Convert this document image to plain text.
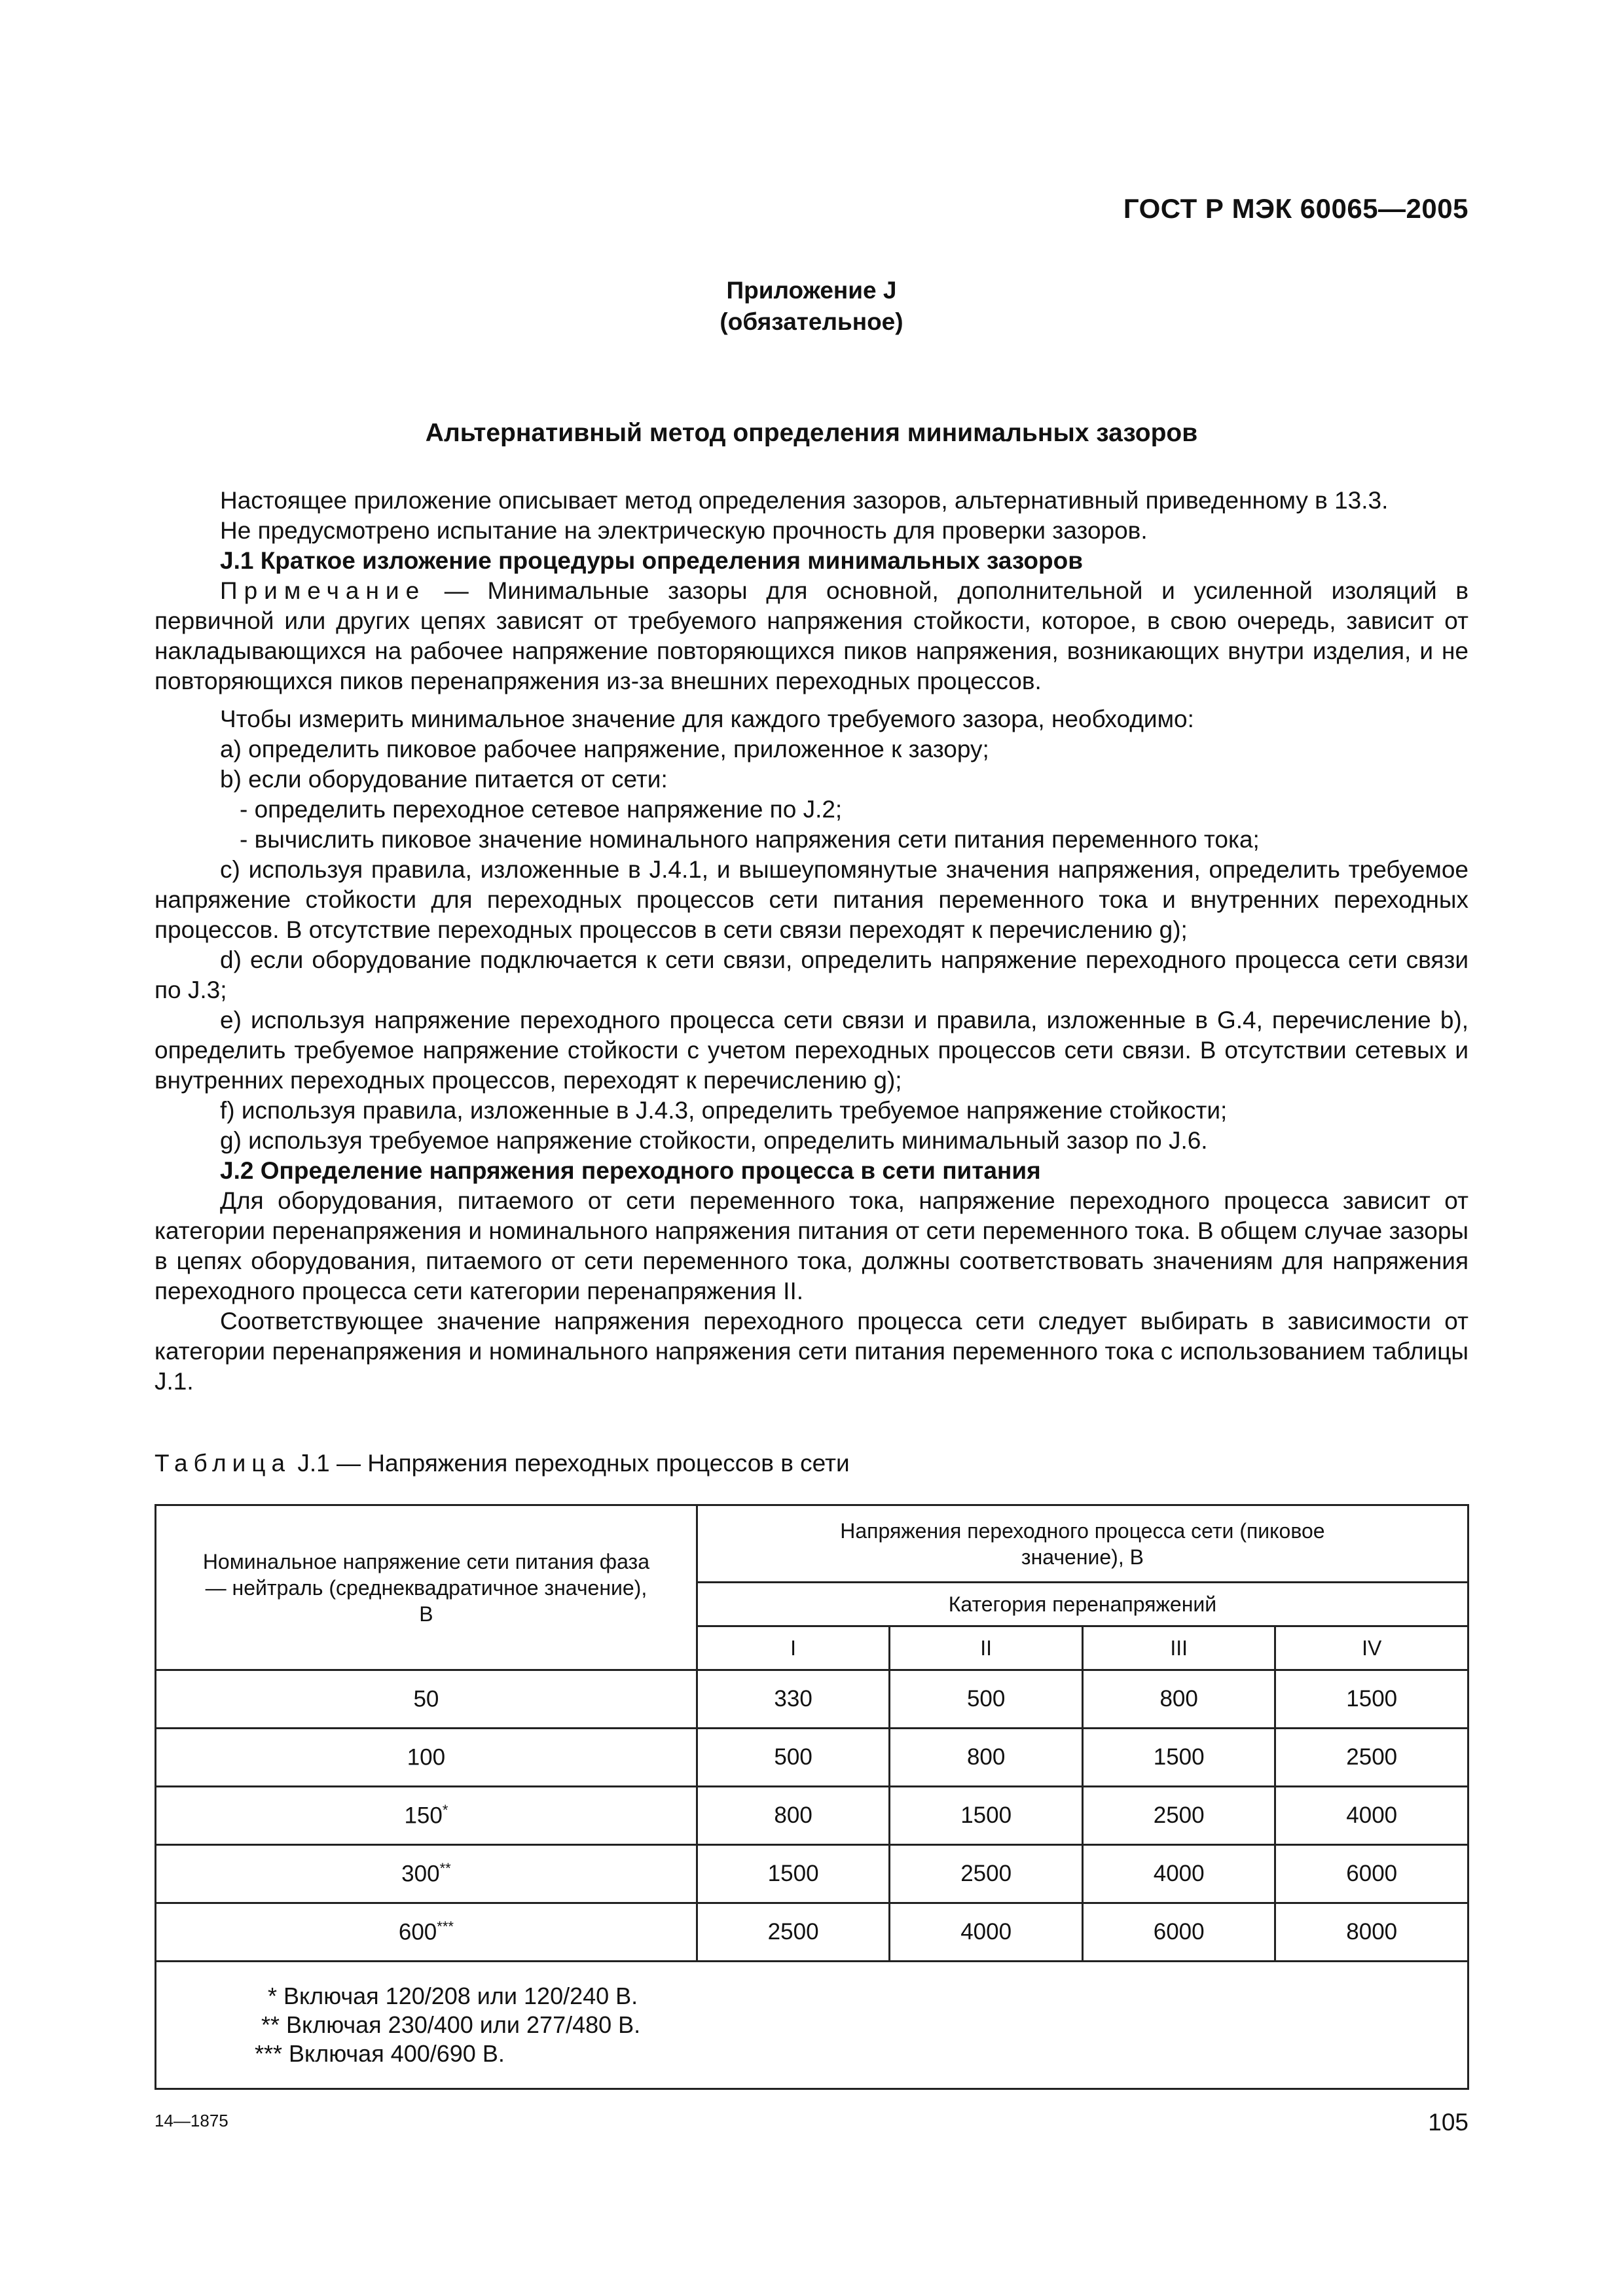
ГОСТ Р МЭК 60065—2005
Приложение J
(обязательное)
Альтернативный метод определения минимальных зазоров

Настоящее приложение описывает метод определения зазоров, альтернативный приведенному в 13.3.

Не предусмотрено испытание на электрическую прочность для проверки зазоров.

J.1 Краткое изложение процедуры определения минимальных зазоров

Примечание — Минимальные зазоры для основной, дополнительной и усиленной изоляций в первичной или других цепях зависят от требуемого напряжения стойкости, которое, в свою очередь, зависит от накладывающихся на рабочее напряжение повторяющихся пиков напряжения, возникающих внутри изделия, и не повторяющихся пиков перенапряжения из-за внешних переходных процессов.

Чтобы измерить минимальное значение для каждого требуемого зазора, необходимо:

a) определить пиковое рабочее напряжение, приложенное к зазору;

b) если оборудование питается от сети:

- определить переходное сетевое напряжение по J.2;

- вычислить пиковое значение номинального напряжения сети питания переменного тока;

c) используя правила, изложенные в J.4.1, и вышеупомянутые значения напряжения, определить требуемое напряжение стойкости для переходных процессов сети питания переменного тока и внутренних переходных процессов. В отсутствие переходных процессов в сети связи переходят к перечислению g);

d) если оборудование подключается к сети связи, определить напряжение переходного процесса сети связи по J.3;

e) используя напряжение переходного процесса сети связи и правила, изложенные в G.4, перечисление b), определить требуемое напряжение стойкости с учетом переходных процессов сети связи. В отсутствии сетевых и внутренних переходных процессов, переходят к перечислению g);

f) используя правила, изложенные в J.4.3, определить требуемое напряжение стойкости;

g) используя требуемое напряжение стойкости, определить минимальный зазор по J.6.

J.2 Определение напряжения переходного процесса в сети питания

Для оборудования, питаемого от сети переменного тока, напряжение переходного процесса зависит от категории перенапряжения и номинального напряжения питания от сети переменного тока. В общем случае зазоры в цепях оборудования, питаемого от сети переменного тока, должны соответствовать значениям для напряжения переходного процесса сети категории перенапряжения II.

Соответствующее значение напряжения переходного процесса сети следует выбирать в зависимости от категории перенапряжения и номинального напряжения сети питания переменного тока с использованием таблицы J.1.

Таблица J.1 — Напряжения переходных процессов в сети
Номинальное напряжение сети питания фаза — нейтраль (среднеквадратичное значение), В	Напряжения переходного процесса сети (пиковое значение), В			
	Категория перенапряжений			
	I	II	III	IV
50	330	500	800	1500
100	500	800	1500	2500
150*	800	1500	2500	4000
300**	1500	2500	4000	6000
600***	2500	4000	6000	8000

* Включая 120/208 или 120/240 В.
** Включая 230/400 или 277/480 В.
*** Включая 400/690 В.				
14—1875	105
